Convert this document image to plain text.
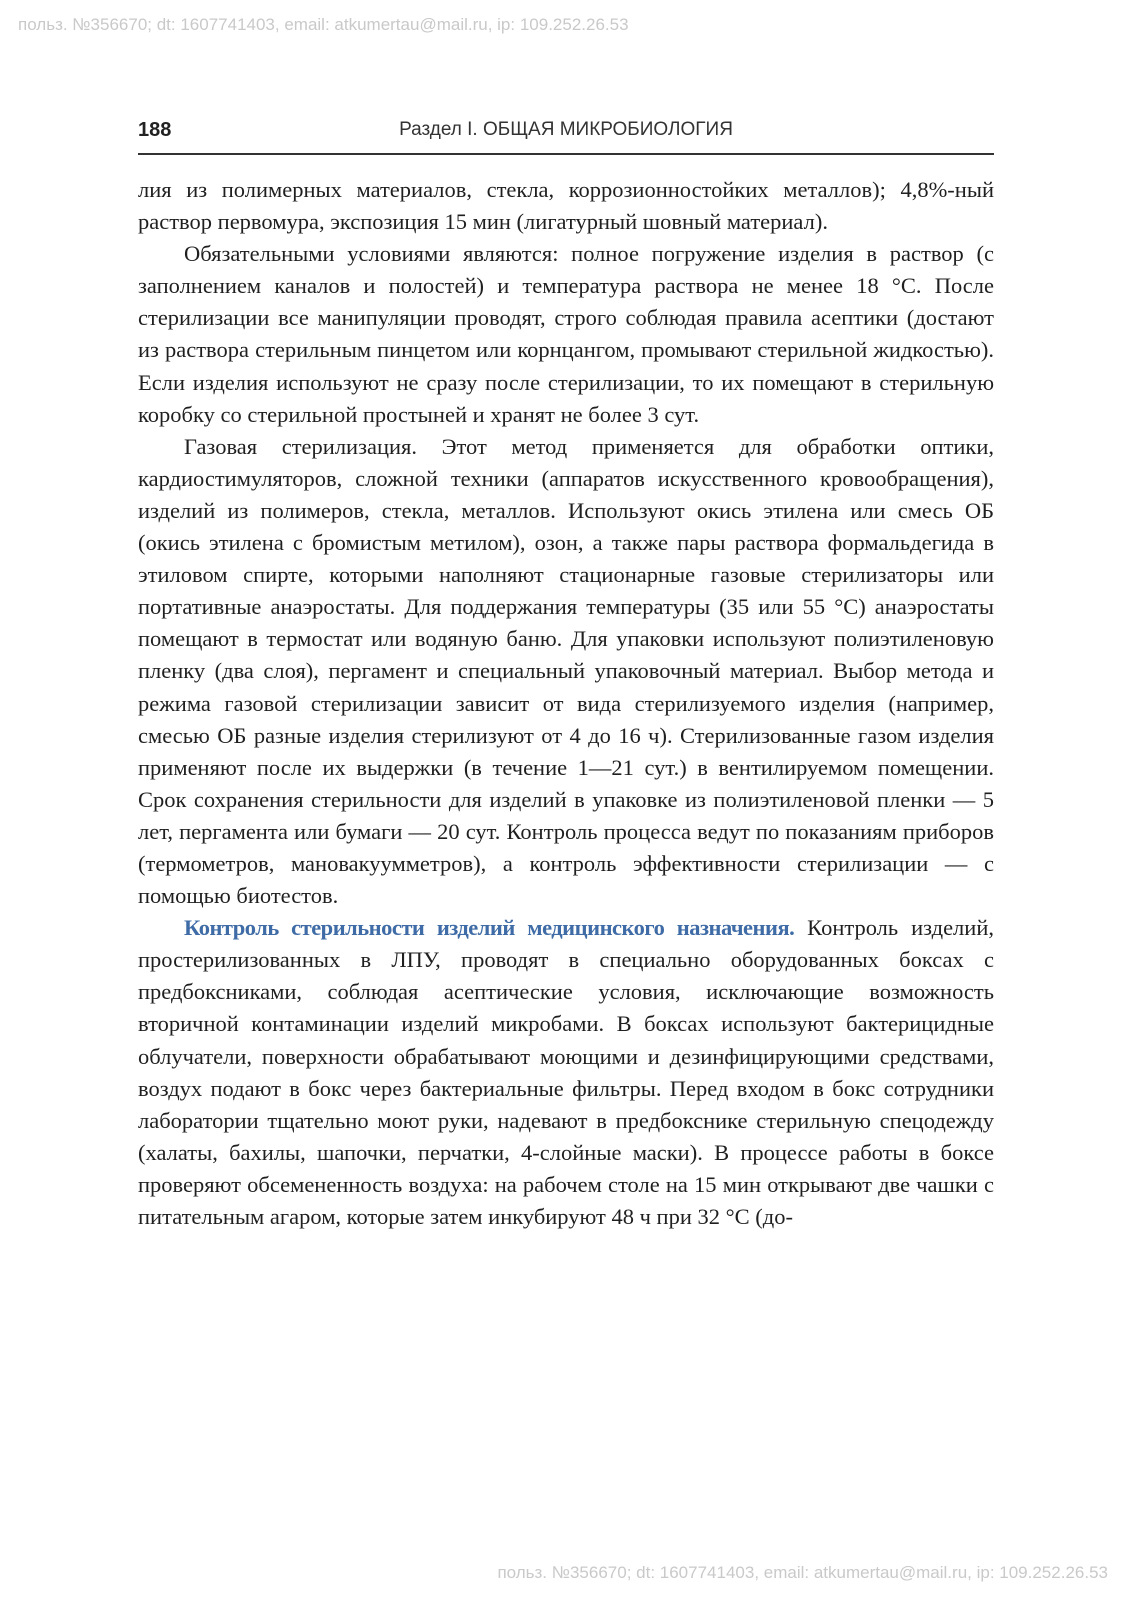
польз. №356670; dt: 1607741403, email: atkumertau@mail.ru, ip: 109.252.26.53
188	Раздел I. ОБЩАЯ МИКРОБИОЛОГИЯ

лия из полимерных материалов, стекла, коррозионностойких металлов); 4,8%-ный раствор первомура, экспозиция 15 мин (лигатурный шовный материал).

Обязательными условиями являются: полное погружение изделия в раствор (с заполнением каналов и полостей) и температура раствора не менее 18 °С. После стерилизации все манипуляции проводят, строго соблюдая правила асептики (достают из раствора стерильным пинцетом или корнцангом, промывают стерильной жидкостью). Если изделия используют не сразу после стерилизации, то их помещают в стерильную коробку со стерильной простыней и хранят не более 3 сут.

Газовая стерилизация. Этот метод применяется для обработки оптики, кардиостимуляторов, сложной техники (аппаратов искусственного кровообращения), изделий из полимеров, стекла, металлов. Используют окись этилена или смесь ОБ (окись этилена с бромистым метилом), озон, а также пары раствора формальдегида в этиловом спирте, которыми наполняют стационарные газовые стерилизаторы или портативные анаэростаты. Для поддержания температуры (35 или 55 °С) анаэростаты помещают в термостат или водяную баню. Для упаковки используют полиэтиленовую пленку (два слоя), пергамент и специальный упаковочный материал. Выбор метода и режима газовой стерилизации зависит от вида стерилизуемого изделия (например, смесью ОБ разные изделия стерилизуют от 4 до 16 ч). Стерилизованные газом изделия применяют после их выдержки (в течение 1—21 сут.) в вентилируемом помещении. Срок сохранения стерильности для изделий в упаковке из полиэтиленовой пленки — 5 лет, пергамента или бумаги — 20 сут. Контроль процесса ведут по показаниям приборов (термометров, мановакуумметров), а контроль эффективности стерилизации — с помощью биотестов.

Контроль стерильности изделий медицинского назначения. Контроль изделий, простерилизованных в ЛПУ, проводят в специально оборудованных боксах с предбоксниками, соблюдая асептические условия, исключающие возможность вторичной контаминации изделий микробами. В боксах используют бактерицидные облучатели, поверхности обрабатывают моющими и дезинфицирующими средствами, воздух подают в бокс через бактериальные фильтры. Перед входом в бокс сотрудники лаборатории тщательно моют руки, надевают в предбокснике стерильную спецодежду (халаты, бахилы, шапочки, перчатки, 4-слойные маски). В процессе работы в боксе проверяют обсемененность воздуха: на рабочем столе на 15 мин открывают две чашки с питательным агаром, которые затем инкубируют 48 ч при 32 °С (до-

польз. №356670; dt: 1607741403, email: atkumertau@mail.ru, ip: 109.252.26.53
